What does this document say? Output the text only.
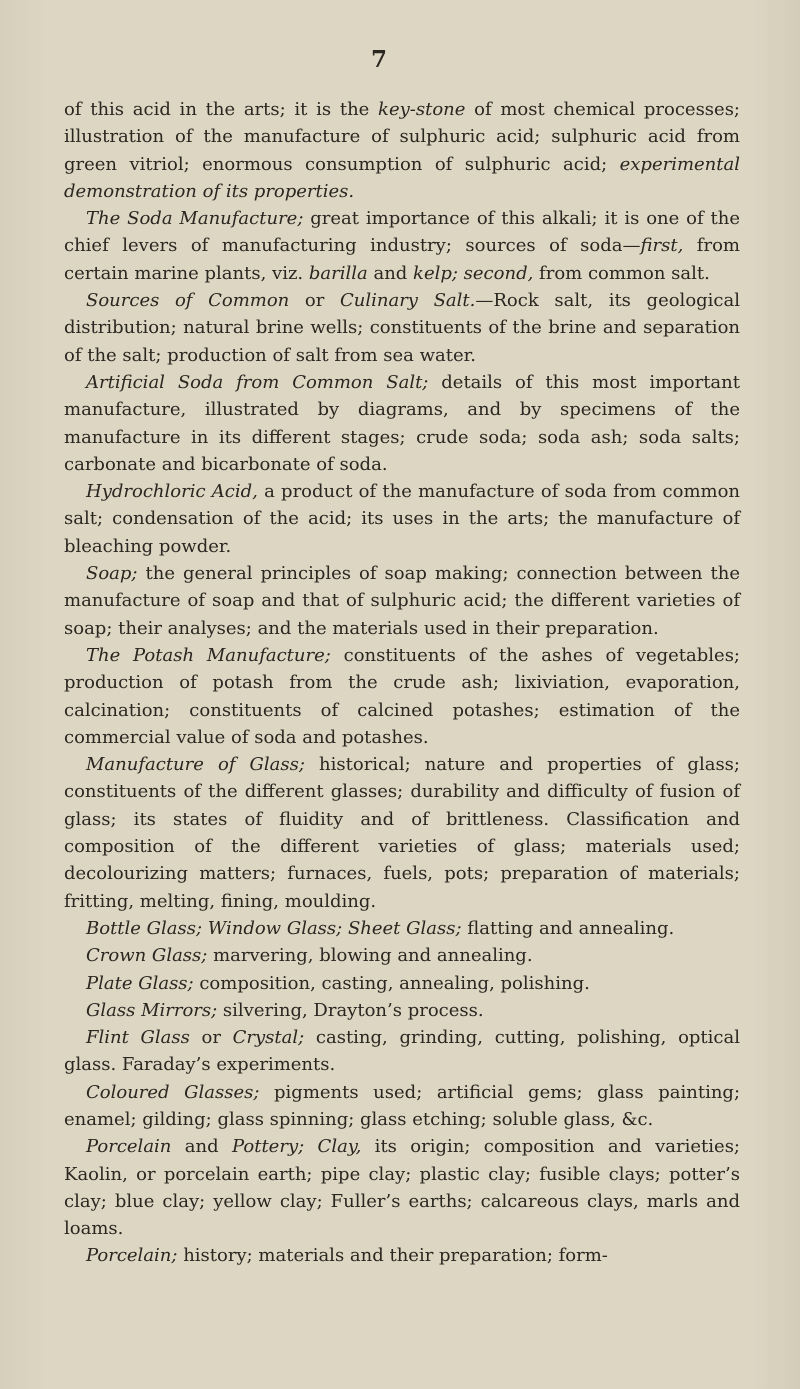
7

of this acid in the arts; it is the key-stone of most chemical processes; illustration of the manufacture of sulphuric acid; sulphuric acid from green vitriol; enormous consumption of sulphuric acid; experimental demonstration of its properties.

The Soda Manufacture; great importance of this alkali; it is one of the chief levers of manufacturing industry; sources of soda—first, from certain marine plants, viz. barilla and kelp; second, from common salt.

Sources of Common or Culinary Salt.—Rock salt, its geological distribution; natural brine wells; constituents of the brine and separation of the salt; production of salt from sea water.

Artificial Soda from Common Salt; details of this most important manufacture, illustrated by diagrams, and by specimens of the manufacture in its different stages; crude soda; soda ash; soda salts; carbonate and bicarbonate of soda.

Hydrochloric Acid, a product of the manufacture of soda from common salt; condensation of the acid; its uses in the arts; the manufacture of bleaching powder.

Soap; the general principles of soap making; connection between the manufacture of soap and that of sulphuric acid; the different varieties of soap; their analyses; and the materials used in their preparation.

The Potash Manufacture; constituents of the ashes of vegetables; production of potash from the crude ash; lixiviation, evaporation, calcination; constituents of calcined potashes; estimation of the commercial value of soda and potashes.

Manufacture of Glass; historical; nature and properties of glass; constituents of the different glasses; durability and difficulty of fusion of glass; its states of fluidity and of brittleness. Classification and composition of the different varieties of glass; materials used; decolourizing matters; furnaces, fuels, pots; preparation of materials; fritting, melting, fining, moulding.

Bottle Glass; Window Glass; Sheet Glass; flatting and annealing.

Crown Glass; marvering, blowing and annealing.

Plate Glass; composition, casting, annealing, polishing.

Glass Mirrors; silvering, Drayton’s process.

Flint Glass or Crystal; casting, grinding, cutting, polishing, optical glass. Faraday’s experiments.

Coloured Glasses; pigments used; artificial gems; glass painting; enamel; gilding; glass spinning; glass etching; soluble glass, &c.

Porcelain and Pottery; Clay, its origin; composition and varieties; Kaolin, or porcelain earth; pipe clay; plastic clay; fusible clays; potter’s clay; blue clay; yellow clay; Fuller’s earths; calcareous clays, marls and loams.

Porcelain; history; materials and their preparation; form-
